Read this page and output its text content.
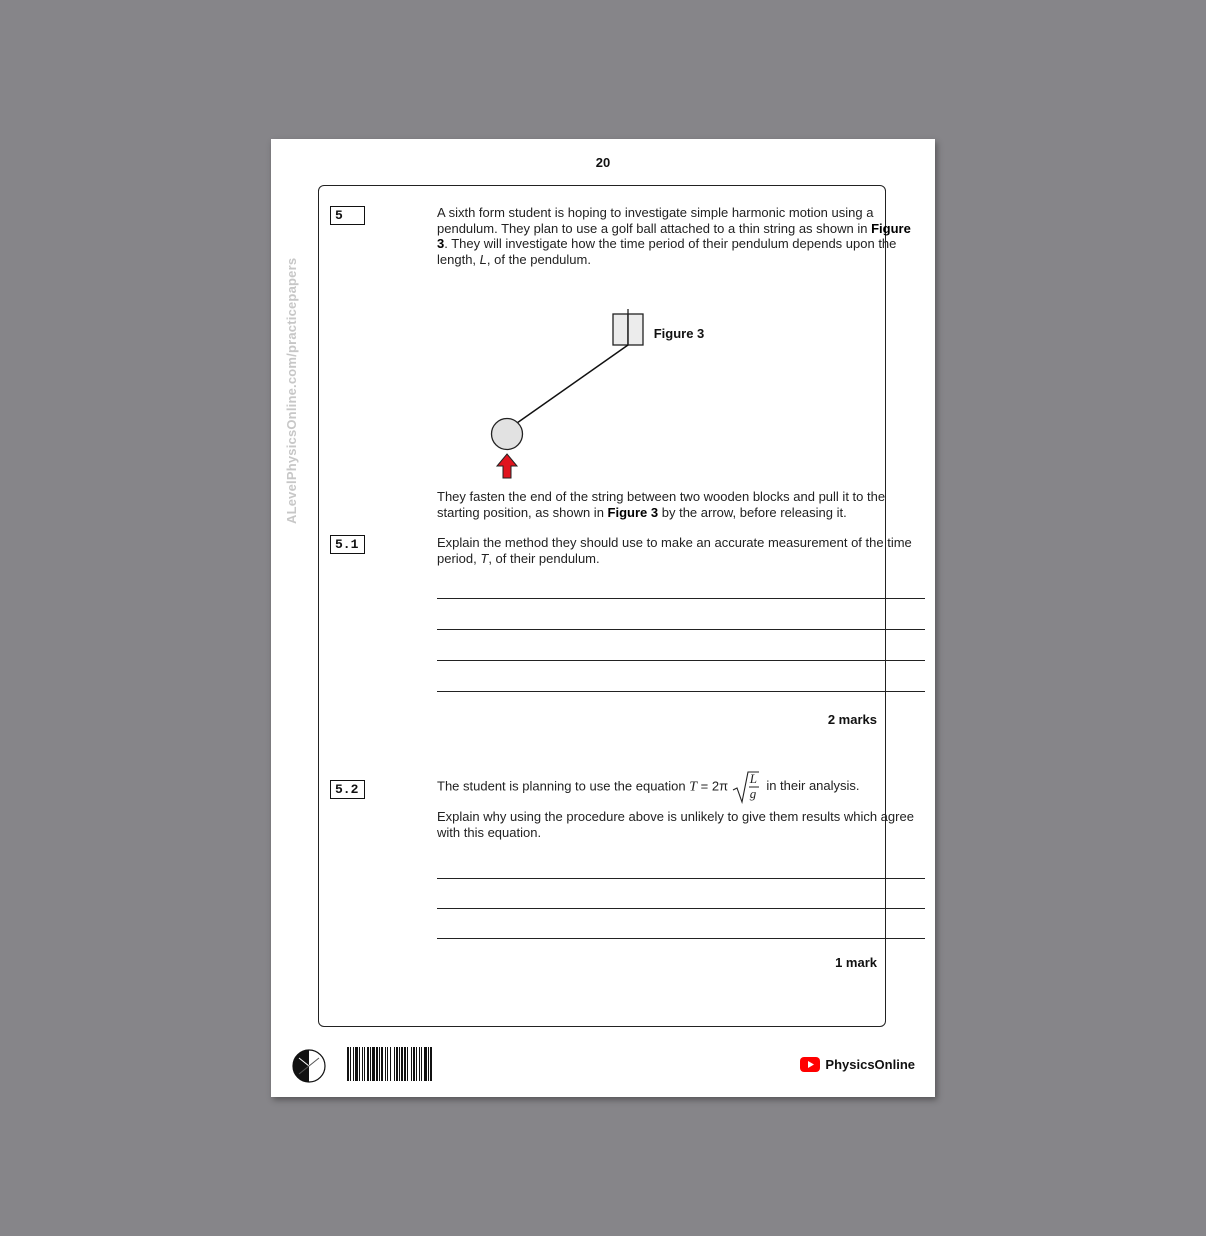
20
ALevelPhysicsOnline.com/practicepapers
5	A sixth form student is hoping to investigate simple harmonic motion using a pendulum. They plan to use a golf ball attached to a thin string as shown in Figure 3. They will investigate how the time period of their pendulum depends upon the length, L, of the pendulum.
Figure 3
They fasten the end of the string between two wooden blocks and pull it to the starting position, as shown in Figure 3 by the arrow, before releasing it.
5.1	Explain the method they should use to make an accurate measurement of the time period, T, of their pendulum.
2 marks
5.2	The student is planning to use the equation T = 2π L
g
in their analysis.
Explain why using the procedure above is unlikely to give them results which agree with this equation.
1 mark
PhysicsOnline
